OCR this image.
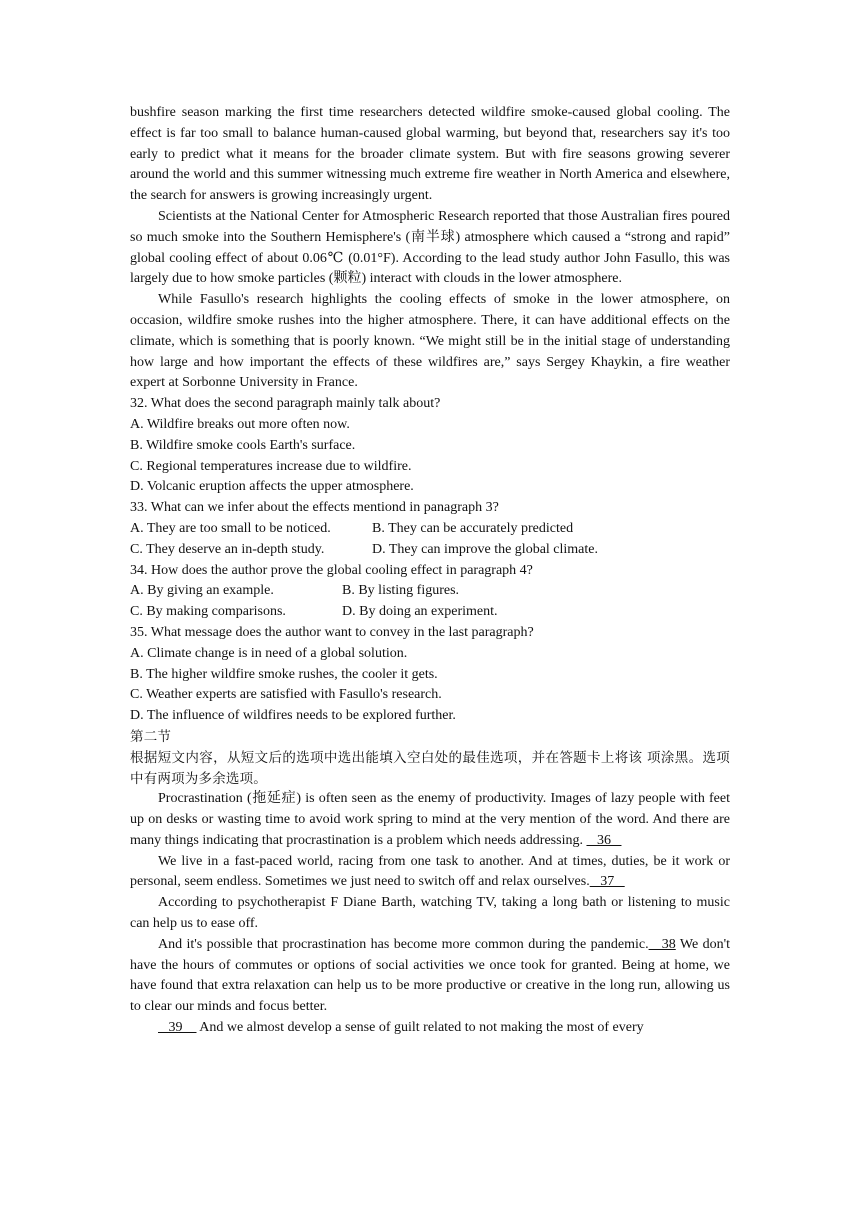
bushfire season marking the first time researchers detected wildfire smoke-caused global cooling. The effect is far too small to balance human-caused global warming, but beyond that, researchers say it's too early to predict what it means for the broader climate system. But with fire seasons growing severer around the world and this summer witnessing much extreme fire weather in North America and elsewhere, the search for answers is growing increasingly urgent.

Scientists at the National Center for Atmospheric Research reported that those Australian fires poured so much smoke into the Southern Hemisphere's (南半球) atmosphere which caused a “strong and rapid” global cooling effect of about 0.06℃ (0.01°F). According to the lead study author John Fasullo, this was largely due to how smoke particles (颗粒) interact with clouds in the lower atmosphere.

While Fasullo's research highlights the cooling effects of smoke in the lower atmosphere, on occasion, wildfire smoke rushes into the higher atmosphere. There, it can have additional effects on the climate, which is something that is poorly known. “We might still be in the initial stage of understanding how large and how important the effects of these wildfires are,” says Sergey Khaykin, a fire weather expert at Sorbonne University in France.

32. What does the second paragraph mainly talk about?

A. Wildfire breaks out more often now.

B. Wildfire smoke cools Earth's surface.

C. Regional temperatures increase due to wildfire.

D. Volcanic eruption affects the upper atmosphere.

33. What can we infer about the effects mentiond in panagraph 3?

A. They are too small to be noticed.	B. They can be accurately predicted
C. They deserve an in-depth study.	D. They can improve the global climate.

34. How does the author prove the global cooling effect in paragraph 4?

A. By giving an example.	B. By listing figures.
C. By making comparisons.	D. By doing an experiment.

35. What message does the author want to convey in the last paragraph?

A. Climate change is in need of a global solution.

B. The higher wildfire smoke rushes, the cooler it gets.

C. Weather experts are satisfied with Fasullo's research.

D. The influence of wildfires needs to be explored further.

第二节

根据短文内容，从短文后的选项中选出能填入空白处的最佳选项，并在答题卡上将该 项涂黑。选项中有两项为多余选项。

Procrastination (拖延症) is often seen as the enemy of productivity. Images of lazy people with feet up on desks or wasting time to avoid work spring to mind at the very mention of the word. And there are many things indicating that procrastination is a problem which needs addressing.    36

We live in a fast-paced world, racing from one task to another. And at times, duties, be it work or personal, seem endless. Sometimes we just need to switch off and relax ourselves.   37

According to psychotherapist F Diane Barth, watching TV, taking a long bath or listening to music can help us to ease off.

And it's possible that procrastination has become more common during the pandemic.   38 We don't have the hours of commutes or options of social activities we once took for granted. Being at home, we have found that extra relaxation can help us to be more productive or creative in the long run, allowing us to clear our minds and focus better.

39     And we almost develop a sense of guilt related to not making the most of every
